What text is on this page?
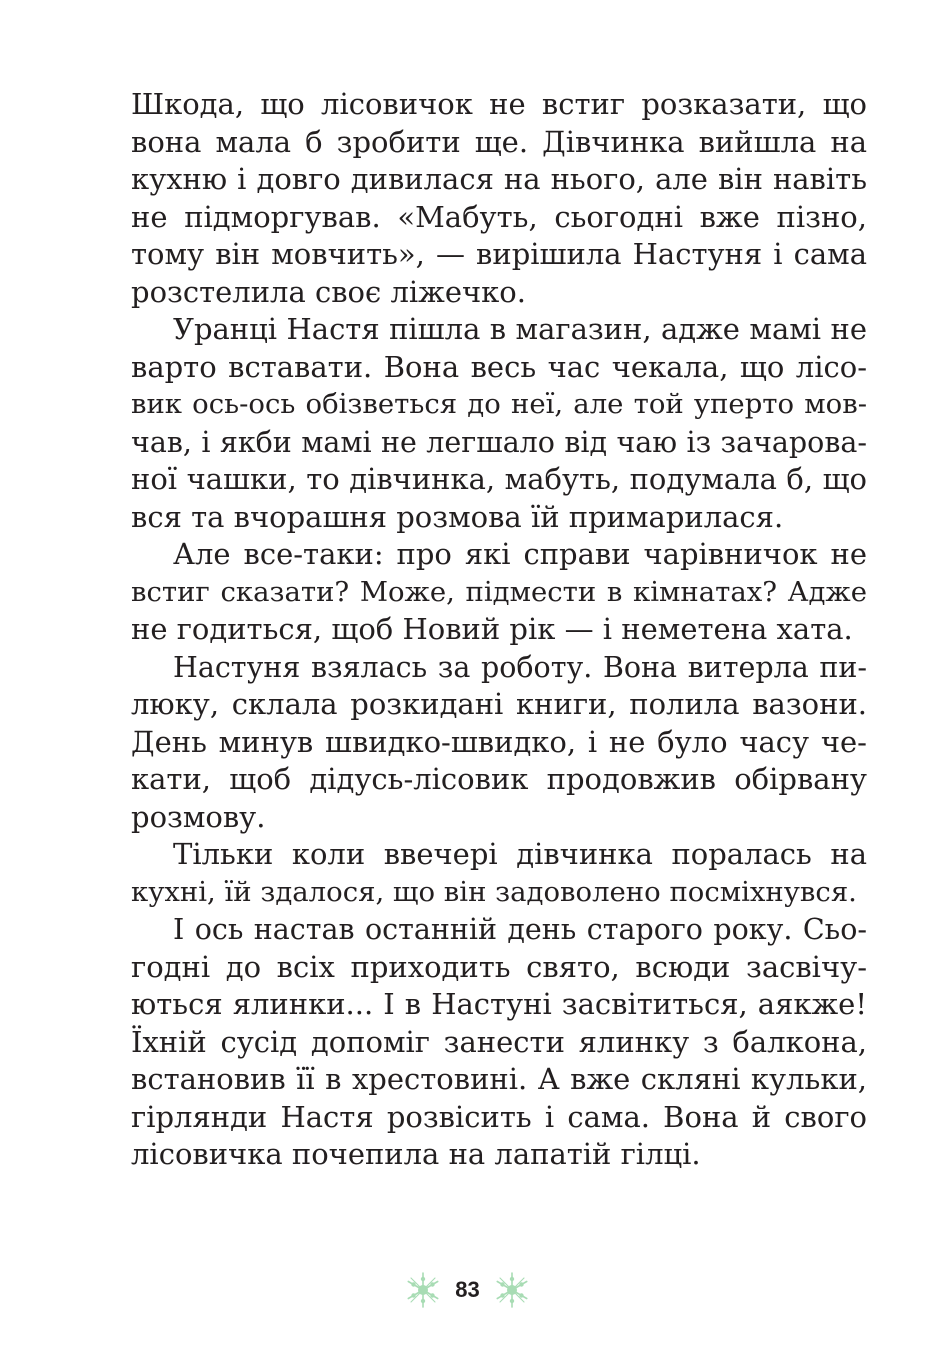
Шкода, що лісовичок не встиг розказати, що
вона мала б зробити ще. Дівчинка вийшла на
кухню і довго дивилася на нього, але він навіть
не підморгував. «Мабуть, сьогодні вже пізно,
тому він мовчить», — вирішила Настуня і сама
розстелила своє ліжечко.
Уранці Настя пішла в магазин, адже мамі не
варто вставати. Вона весь час чекала, що лісо-
вик ось-ось обізветься до неї, але той уперто мов-
чав, і якби мамі не легшало від чаю із зачарова-
ної чашки, то дівчинка, мабуть, подумала б, що
вся та вчорашня розмова їй примарилася.
Але все-таки: про які справи чарівничок не
встиг сказати? Може, підмести в кімнатах? Адже
не годиться, щоб Новий рік — і неметена хата.
Настуня взялась за роботу. Вона витерла пи-
люку, склала розкидані книги, полила вазони.
День минув швидко-швидко, і не було часу че-
кати, щоб дідусь-лісовик продовжив обірвану
розмову.
Тільки коли ввечері дівчинка поралась на
кухні, їй здалося, що він задоволено посміхнувся.
І ось настав останній день старого року. Сьо-
годні до всіх приходить свято, всюди засвічу-
ються ялинки... І в Настуні засвітиться, аякже!
Їхній сусід допоміг занести ялинку з балкона,
встановив її в хрестовині. А вже скляні кульки,
гірлянди Настя розвісить і сама. Вона й свого
лісовичка почепила на лапатій гілці.
83
